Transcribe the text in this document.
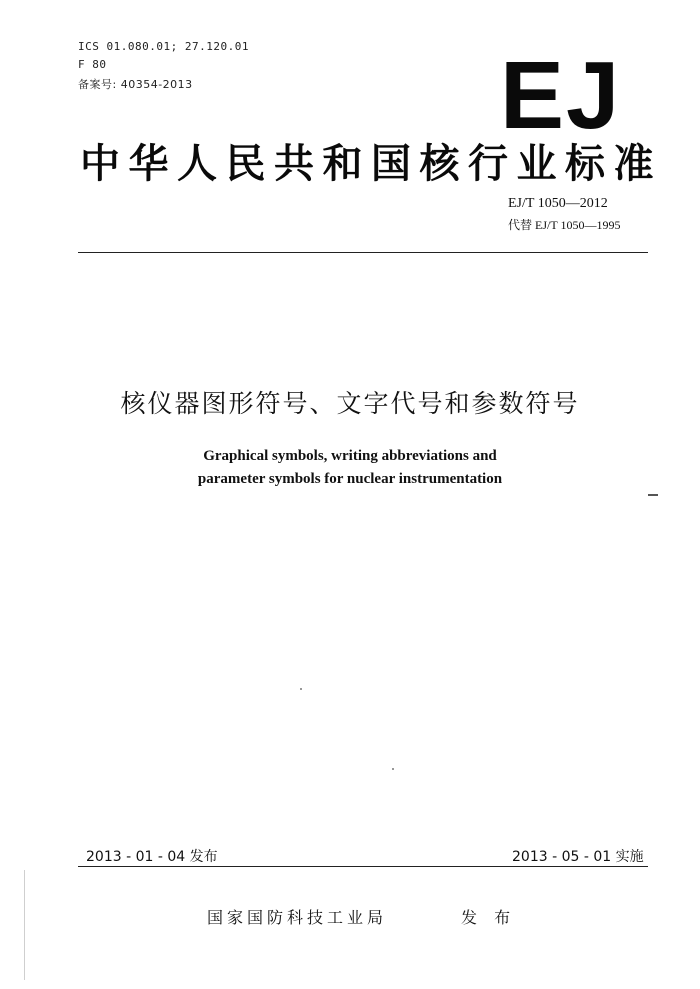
ICS 01.080.01; 27.120.01
F 80
备案号: 40354-2013	EJ
中华人民共和国核行业标准
EJ/T 1050—2012
代替 EJ/T 1050—1995
核仪器图形符号、文字代号和参数符号
Graphical symbols, writing abbreviations and
parameter symbols for nuclear instrumentation
2013 - 01 - 04 发布	2013 - 05 - 01 实施
国家国防科技工业局	发 布
